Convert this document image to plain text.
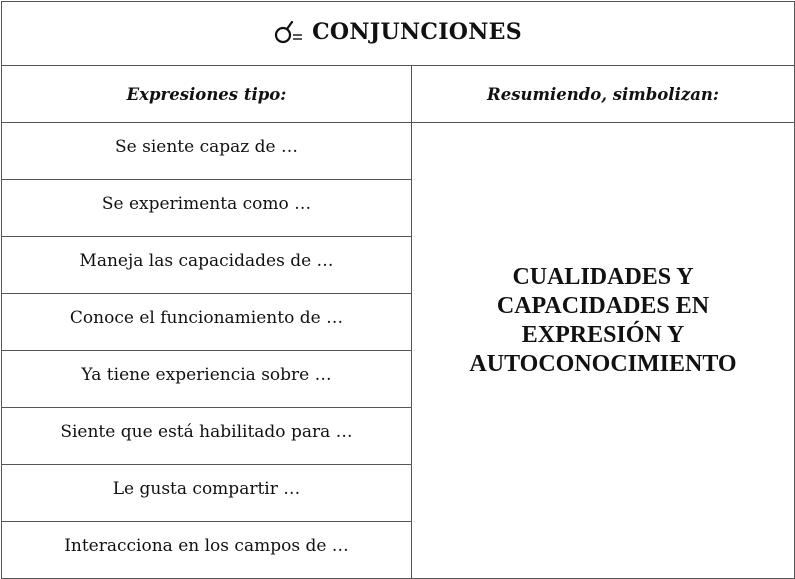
CONJUNCIONES	

Expresiones tipo:	Resumiendo, simbolizan:
Se siente capaz de …	CUALIDADES Y
CAPACIDADES EN
EXPRESIÓN Y
AUTOCONOCIMIENTO

Se experimenta como …	
Maneja las capacidades de …	
Conoce el funcionamiento de …	
Ya tiene experiencia sobre …	
Siente que está habilitado para …	
Le gusta compartir …	
Interacciona en los campos de …	
